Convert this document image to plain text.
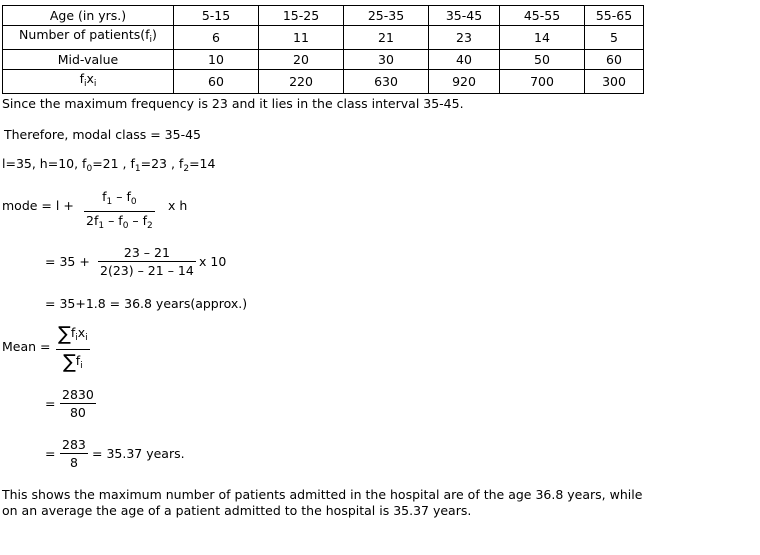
Age (in yrs.)	5-15	15-25	25-35	35-45	45-55	55-65
Number of $patients(f_i)$	6	11	21	23	14	5
Mid-value	10	20	30	40	50	60
$f_ix_i$	60	220	630	920	700	300
Since the maximum frequency is 23 and it lies in the class interval 35-45.
Therefore, modal class = 35-45
l=35, h=10, $f_0=21$ , $f_1=23$ , $f_2=14$
mode = $l + \frac{f_1 - f_0}{2f_1 - f_0 - f_2}$ x h
= $35 + \frac{23 - 21}{2(23) - 21 - 14}$ x 10
= 35+1.8 = 36.8 years(approx.)
Mean =
$\sum f_ix_i$
$\sum f_i$
= $\frac{2830}{80}$
= $\frac{283}{8} = 35.37$ years.
This shows the maximum number of patients admitted in the hospital are of the age 36.8 years, while
on an average the age of a patient admitted to the hospital is 35.37 years.
